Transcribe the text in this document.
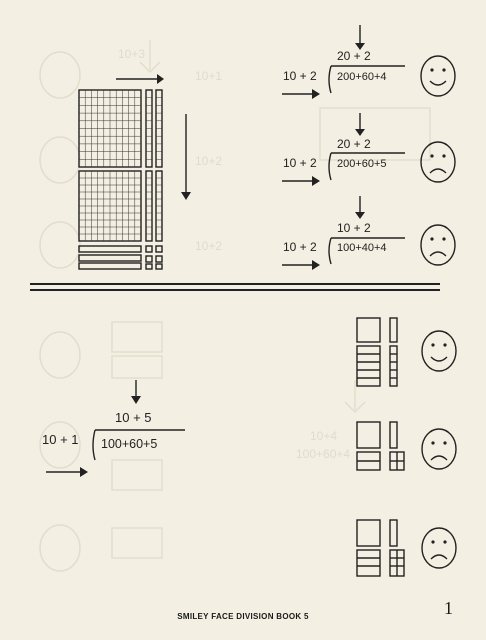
10+1
10+2
10+2
10+3
10+4
100+60+4
20 + 2
10 + 2 200+60+4
20 + 2
10 + 2 200+60+5
10 + 2
10 + 2 100+40+4
10 + 5
10 + 1 100+60+5
SMILEY FACE DIVISION BOOK 5	1
